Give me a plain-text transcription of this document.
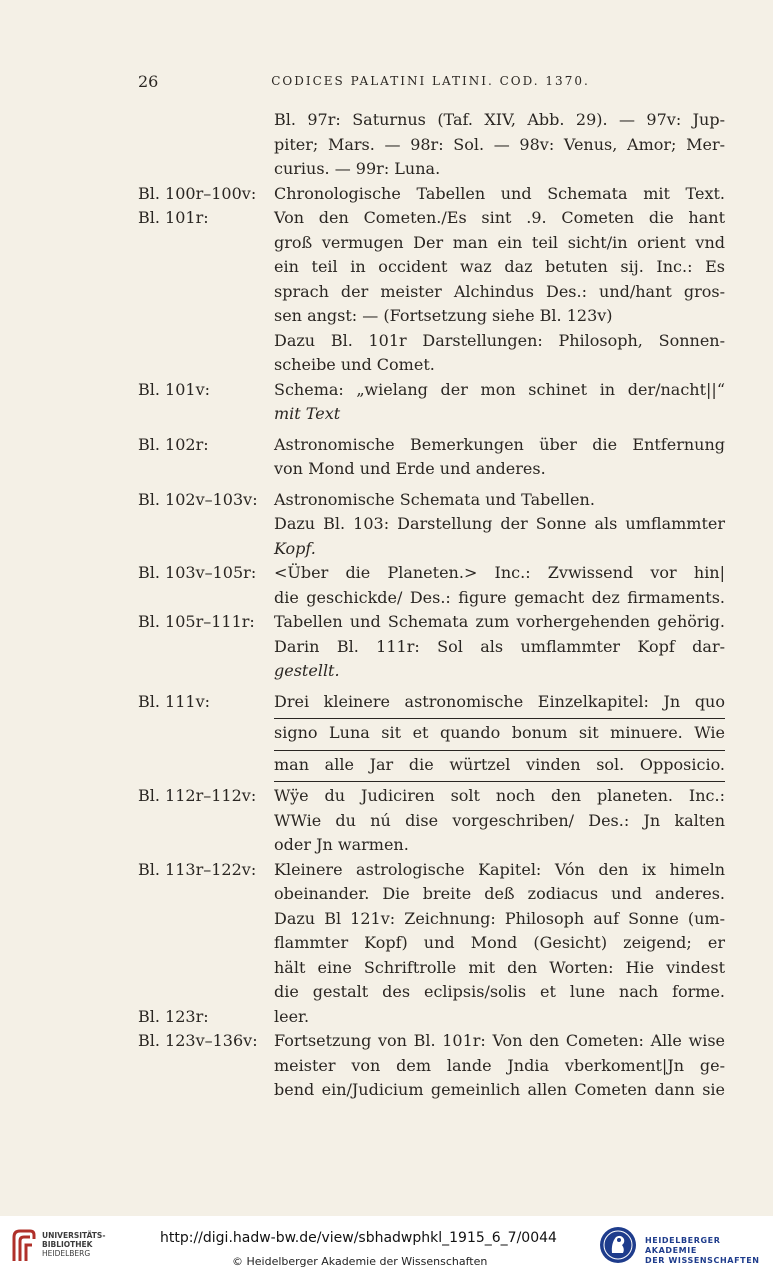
26	CODICES PALATINI LATINI. COD. 1370.
Bl. 97r: Saturnus (Taf. XIV, Abb. 29). — 97v: Jup-
piter; Mars. — 98r: Sol. — 98v: Venus, Amor; Mer-
curius. — 99r: Luna.
Bl. 100r–100v:	Chronologische Tabellen und Schemata mit Text.
Bl. 101r:	Von den Cometen./Es sint .9. Cometen die hant
groß vermugen Der man ein teil sicht/in orient vnd
ein teil in occident waz daz betuten sij. Inc.: Es
sprach der meister Alchindus Des.: und/hant gros-
sen angst: — (Fortsetzung siehe Bl. 123v)
Dazu Bl. 101r Darstellungen: Philosoph, Sonnen-
scheibe und Comet.
Bl. 101v:	Schema: „wielang der mon schinet in der/nacht||“
mit Text
Bl. 102r:	Astronomische Bemerkungen über die Entfernung
von Mond und Erde und anderes.
Bl. 102v–103v:	Astronomische Schemata und Tabellen.
Dazu Bl. 103: Darstellung der Sonne als umflammter
Kopf.
Bl. 103v–105r:	<Über die Planeten.> Inc.: Zvwissend vor hin|
die geschickde/ Des.: figure gemacht dez firmaments.
Bl. 105r–111r:	Tabellen und Schemata zum vorhergehenden gehörig.
Darin Bl. 111r: Sol als umflammter Kopf dar-
gestellt.
Bl. 111v:	Drei kleinere astronomische Einzelkapitel: Jn quo
signo Luna sit et quando bonum sit minuere. Wie
man alle Jar die würtzel vinden sol. Opposicio.
Bl. 112r–112v:	Wÿe du Judiciren solt noch den planeten. Inc.:
WWie du nú dise vorgeschriben/ Des.: Jn kalten
oder Jn warmen.
Bl. 113r–122v:	Kleinere astrologische Kapitel: Vón den ix himeln
obeinander. Die breite deß zodiacus und anderes.
Dazu Bl 121v: Zeichnung: Philosoph auf Sonne (um-
flammter Kopf) und Mond (Gesicht) zeigend; er
hält eine Schriftrolle mit den Worten: Hie vindest
die gestalt des eclipsis/solis et lune nach forme.
Bl. 123r:	leer.
Bl. 123v–136v:	Fortsetzung von Bl. 101r: Von den Cometen: Alle wise
meister von dem lande Jndia vberkoment|Jn ge-
bend ein/Judicium gemeinlich allen Cometen dann sie
UNIVERSITÄTS-
BIBLIOTHEK
HEIDELBERG
http://digi.hadw-bw.de/view/sbhadwphkl_1915_6_7/0044
© Heidelberger Akademie der Wissenschaften
HEIDELBERGER AKADEMIE
DER WISSENSCHAFTEN
